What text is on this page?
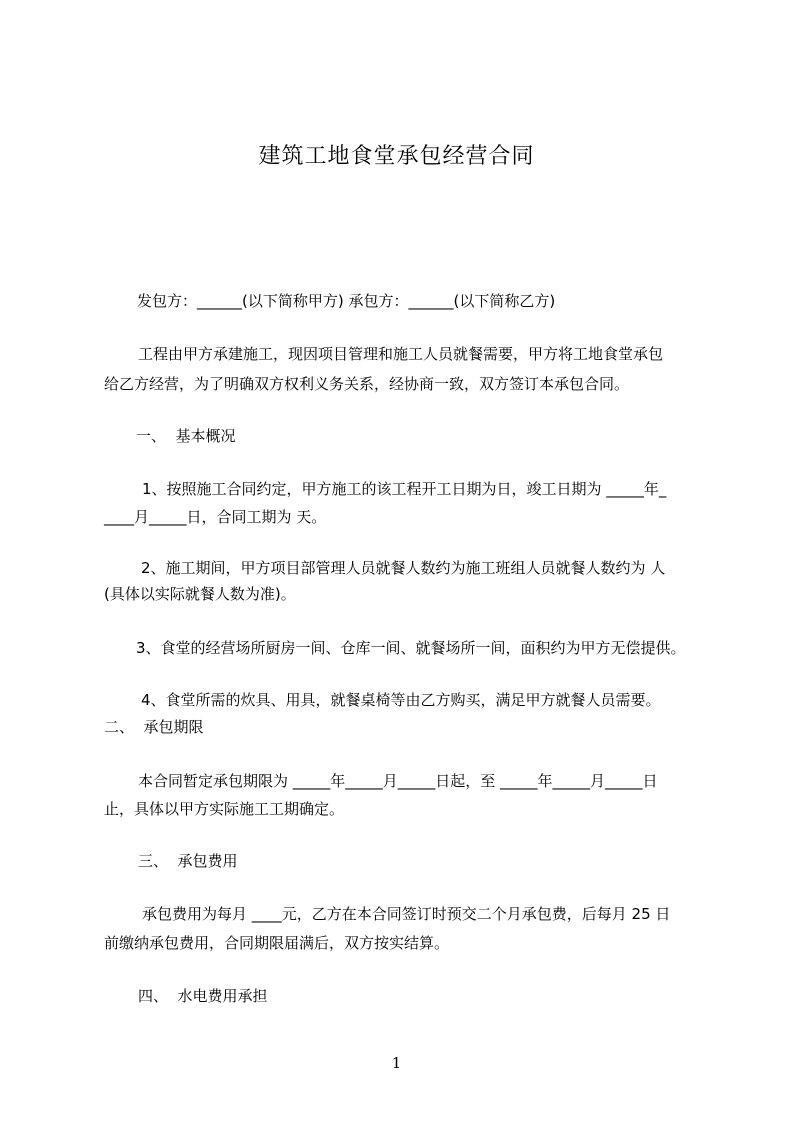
建筑工地食堂承包经营合同
发包方：______(以下简称甲方) 承包方：______(以下简称乙方)
工程由甲方承建施工，现因项目管理和施工人员就餐需要，甲方将工地食堂承包
给乙方经营，为了明确双方权利义务关系，经协商一致，双方签订本承包合同。
一、  基本概况
1、按照施工合同约定，甲方施工的该工程开工日期为日，竣工日期为 _____年_
____月_____日，合同工期为 天。
2、施工期间，甲方项目部管理人员就餐人数约为施工班组人员就餐人数约为 人
(具体以实际就餐人数为准)。
3、食堂的经营场所厨房一间、仓库一间、就餐场所一间，面积约为甲方无偿提供。
4、食堂所需的炊具、用具，就餐桌椅等由乙方购买，满足甲方就餐人员需要。
二、  承包期限
本合同暂定承包期限为 _____年_____月_____日起，至 _____年_____月_____日
止，具体以甲方实际施工工期确定。
三、  承包费用
承包费用为每月 ____元，乙方在本合同签订时预交二个月承包费，后每月 25 日
前缴纳承包费用，合同期限届满后，双方按实结算。
四、  水电费用承担
1
